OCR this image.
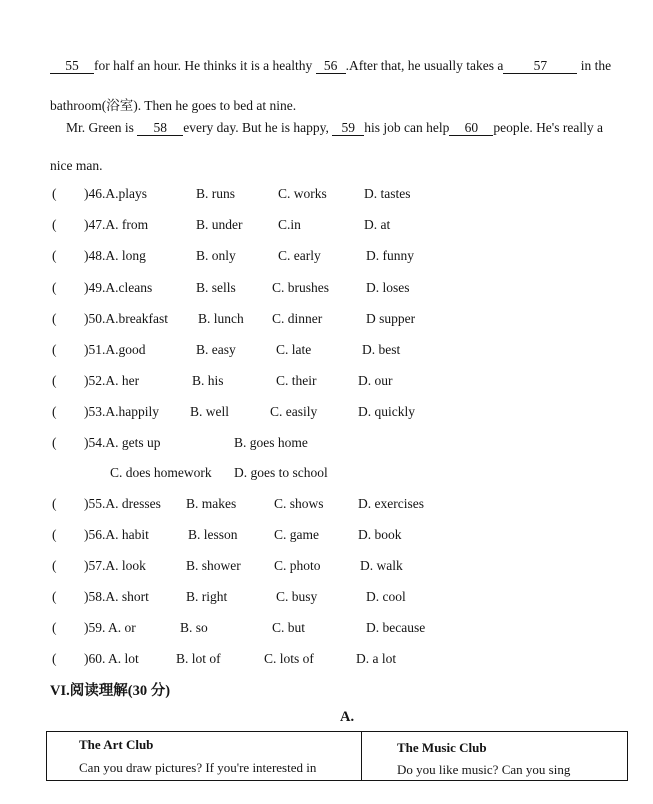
55 for half an hour. He thinks it is a healthy 56 .After that, he usually takes a 57 in the
bathroom(浴室). Then he goes to bed at nine.
Mr. Green is 58 every day. But he is happy, 59 his job can help 60 people. He's really a
nice man.
( )46.A.plays	B. runs	C. works	D. tastes
( )47.A. from	B. under	C.in	D. at
( )48.A. long	B. only	C. early	D. funny
( )49.A.cleans	B. sells	C. brushes	D. loses
( )50.A.breakfast B. lunch C. dinner	D supper
( )51.A.good	B. easy	C. late	D. best
( )52.A. her	B. his	C. their	D. our
( )53.A.happily B. well	C. easily	D. quickly
( )54.A. gets up	B. goes home
C. does homework D. goes to school
( )55.A. dresses B. makes	C. shows	D. exercises
( )56.A. habit	B. lesson	C. game	D. book
( )57.A. look	B. shower C. photo	D. walk
( )58.A. short	B. right	C. busy	D. cool
( )59. A. or	B. so	C. but	D. because
( )60. A. lot	B. lot of	C. lots of	D. a lot
VI.阅读理解(30 分)
A.
The Art Club
Can you draw pictures? If you're interested in
The Music Club
Do you like music? Can you sing
